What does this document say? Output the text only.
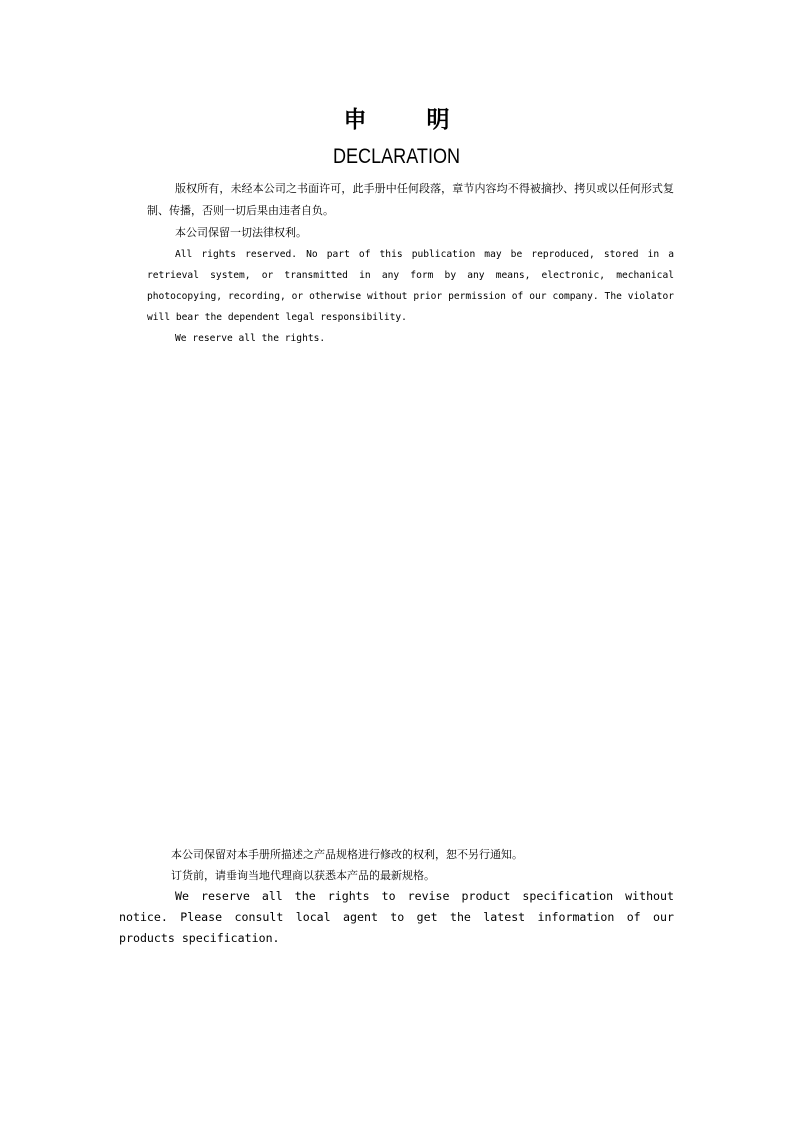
申 明
DECLARATION

版权所有，未经本公司之书面许可，此手册中任何段落，章节内容均不得被摘抄、拷贝或以任何形式复制、传播，否则一切后果由违者自负。

本公司保留一切法律权利。

All rights reserved. No part of this publication may be reproduced, stored in a retrieval system, or transmitted in any form by any means, electronic, mechanical photocopying, recording, or otherwise without prior permission of our company. The violator will bear the dependent legal responsibility.

We reserve all the rights.

本公司保留对本手册所描述之产品规格进行修改的权利，恕不另行通知。

订货前，请垂询当地代理商以获悉本产品的最新规格。

We reserve all the rights to revise product specification without notice. Please consult local agent to get the latest information of our products specification.
